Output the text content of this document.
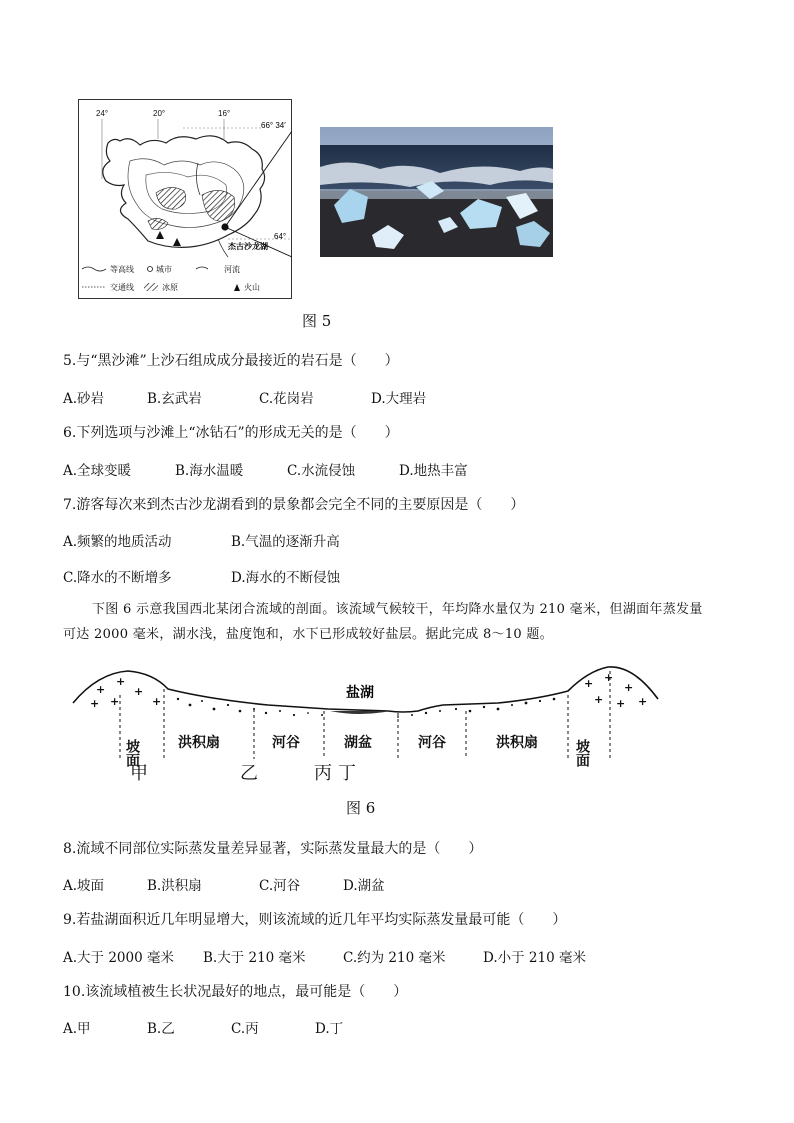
24°	20°	16°
66° 34′
64°
杰古沙龙湖
等高线	城市	河流
交通线	冰原	火山
图 5
5.与“黑沙滩”上沙石组成成分最接近的岩石是（　　）
A.砂岩	B.玄武岩	C.花岗岩	D.大理岩
6.下列选项与沙滩上“冰钻石”的形成无关的是（　　）
A.全球变暖	B.海水温暖	C.水流侵蚀	D.地热丰富
7.游客每次来到杰古沙龙湖看到的景象都会完全不同的主要原因是（　　）
A.频繁的地质活动	B.气温的逐渐升高
C.降水的不断增多	D.海水的不断侵蚀
下图 6 示意我国西北某闭合流域的剖面。该流域气候较干，年均降水量仅为 210 毫米，但湖面年蒸发量
可达 2000 毫米，湖水浅，盐度饱和，水下已形成较好盐层。据此完成 8～10 题。
盐湖
+
+
+
+ +	+
+ +
+
+ + +
坡面	洪积扇	河谷	湖盆	河谷	洪积扇	坡面
甲	乙	丙 丁
图 6
8.流域不同部位实际蒸发量差异显著，实际蒸发量最大的是（　　）
A.坡面	B.洪积扇	C.河谷	D.湖盆
9.若盐湖面积近几年明显增大，则该流域的近几年平均实际蒸发量最可能（　　）
A.大于 2000 毫米 B.大于 210 毫米	C.约为 210 毫米	D.小于 210 毫米
10.该流域植被生长状况最好的地点，最可能是（　　）
A.甲	B.乙	C.丙	D.丁
